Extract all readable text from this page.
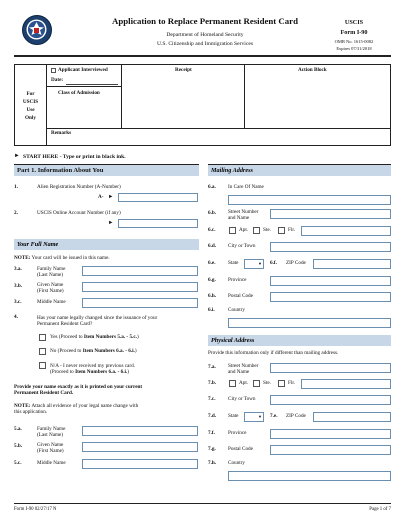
Application to Replace Permanent Resident Card
Department of Homeland Security
U.S. Citizenship and Immigration Services
USCIS
Form I-90
OMB No. 1615-0082
Expires 07/31/2018
For
USCIS
Use
Only
Applicant Interviewed
Date:
Class of Admission
Receipt	Action Block
Remarks
► START HERE - Type or print in black ink.
Part 1. Information About You
1.	Alien Registration Number (A-Number)
A- ►
2.	USCIS Online Account Number (if any)
►
Your Full Name
NOTE: Your card will be issued in this name.
3.a.	Family Name
(Last Name)
3.b.	Given Name
(First Name)
3.c.	Middle Name
4.	Has your name legally changed since the issuance of your
Permanent Resident Card?
Yes (Proceed to Item Numbers 5.a. - 5.c.)
No (Proceed to Item Numbers 6.a. - 6.i.)
N/A - I never received my previous card.
(Proceed to Item Numbers 6.a. - 6.i.)
Provide your name exactly as it is printed on your current
Permanent Resident Card.
NOTE: Attach all evidence of your legal name change with
this application.
5.a.	Family Name
(Last Name)
5.b.	Given Name
(First Name)
5.c.	Middle Name
Mailing Address
6.a. In Care Of Name
6.b. Street Number
and Name
6.c.	Apt.	Ste.	Flr.
6.d. City or Town
6.e. State	▼ 6.f. ZIP Code
6.g. Province
6.h. Postal Code
6.i.	Country
Physical Address
Provide this information only if different than mailing address.
7.a. Street Number
and Name
7.b.	Apt.	Ste.	Flr.
7.c. City or Town
7.d. State	▼ 7.e. ZIP Code
7.f.	Province
7.g. Postal Code
7.h. Country
Form I-90 02/27/17 N	Page 1 of 7
